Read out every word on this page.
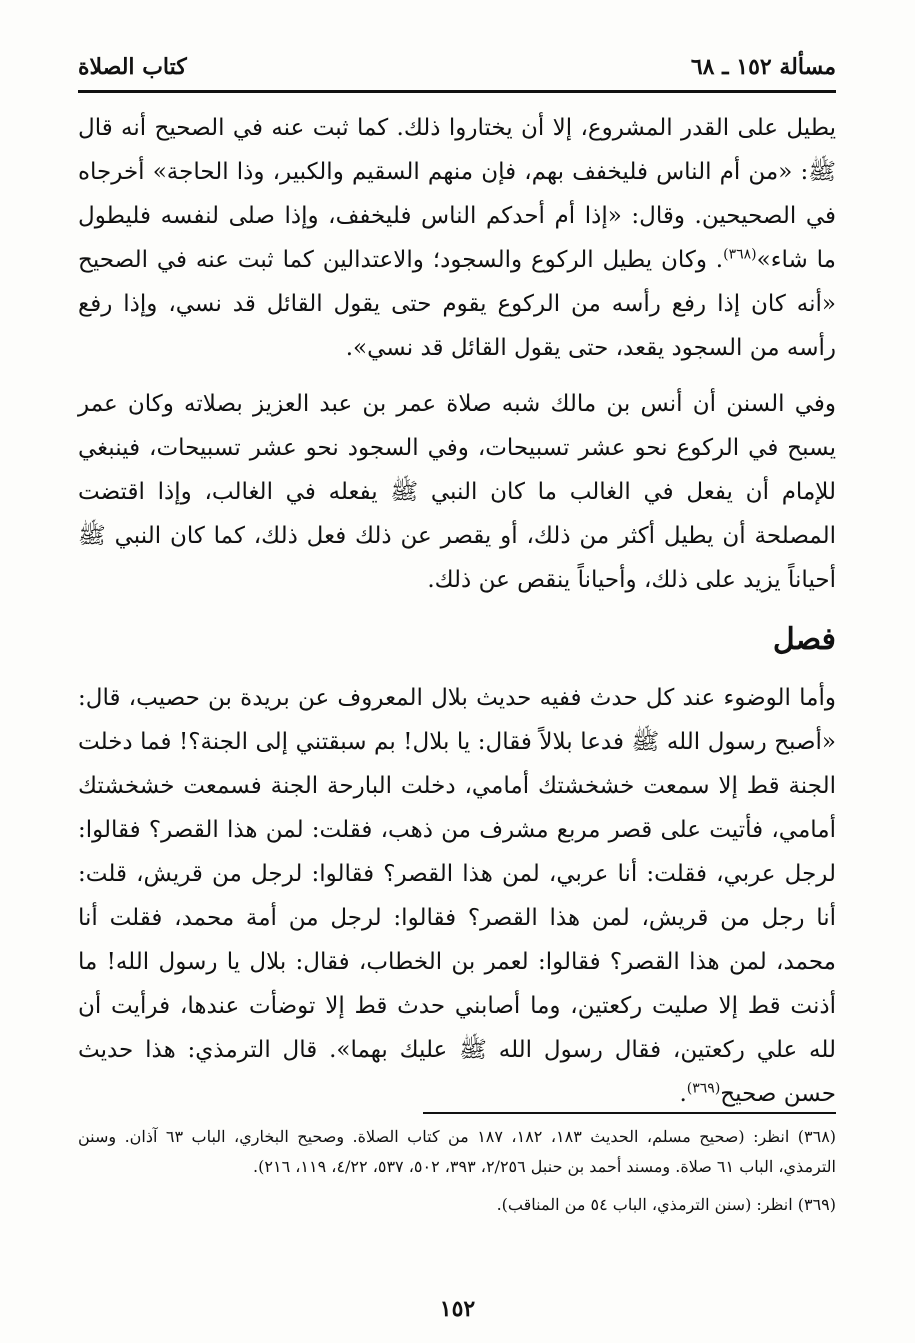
مسألة ١٥٢ ـ ٦٨
كتاب الصلاة

يطيل على القدر المشروع، إلا أن يختاروا ذلك. كما ثبت عنه في الصحيح أنه قال ﷺ: «من أم الناس فليخفف بهم، فإن منهم السقيم والكبير، وذا الحاجة» أخرجاه في الصحيحين. وقال: «إذا أم أحدكم الناس فليخفف، وإذا صلى لنفسه فليطول ما شاء»$^{(٣٦٨)}$. وكان يطيل الركوع والسجود؛ والاعتدالين كما ثبت عنه في الصحيح «أنه كان إذا رفع رأسه من الركوع يقوم حتى يقول القائل قد نسي، وإذا رفع رأسه من السجود يقعد، حتى يقول القائل قد نسي».

وفي السنن أن أنس بن مالك شبه صلاة عمر بن عبد العزيز بصلاته وكان عمر يسبح في الركوع نحو عشر تسبيحات، وفي السجود نحو عشر تسبيحات، فينبغي للإمام أن يفعل في الغالب ما كان النبي ﷺ يفعله في الغالب، وإذا اقتضت المصلحة أن يطيل أكثر من ذلك، أو يقصر عن ذلك فعل ذلك، كما كان النبي ﷺ أحياناً يزيد على ذلك، وأحياناً ينقص عن ذلك.

فصل

وأما الوضوء عند كل حدث ففيه حديث بلال المعروف عن بريدة بن حصيب، قال: «أصبح رسول الله ﷺ فدعا بلالاً فقال: يا بلال! بم سبقتني إلى الجنة؟! فما دخلت الجنة قط إلا سمعت خشخشتك أمامي، دخلت البارحة الجنة فسمعت خشخشتك أمامي، فأتيت على قصر مربع مشرف من ذهب، فقلت: لمن هذا القصر؟ فقالوا: لرجل عربي، فقلت: أنا عربي، لمن هذا القصر؟ فقالوا: لرجل من قريش، قلت: أنا رجل من قريش، لمن هذا القصر؟ فقالوا: لرجل من أمة محمد، فقلت أنا محمد، لمن هذا القصر؟ فقالوا: لعمر بن الخطاب، فقال: بلال يا رسول الله! ما أذنت قط إلا صليت ركعتين، وما أصابني حدث قط إلا توضأت عندها، فرأيت أن لله علي ركعتين، فقال رسول الله ﷺ عليك بهما». قال الترمذي: هذا حديث حسن صحيح$^{(٣٦٩)}$.

(٣٦٨) انظر: (صحيح مسلم، الحديث ١٨٣، ١٨٢، ١٨٧ من كتاب الصلاة. وصحيح البخاري، الباب ٦٣ آذان. وسنن الترمذي، الباب ٦١ صلاة. ومسند أحمد بن حنبل ٢/٢٥٦، ٣٩٣، ٥٠٢، ٥٣٧، ٤/٢٢، ١١٩، ٢١٦).

(٣٦٩) انظر: (سنن الترمذي، الباب ٥٤ من المناقب).

١٥٢
